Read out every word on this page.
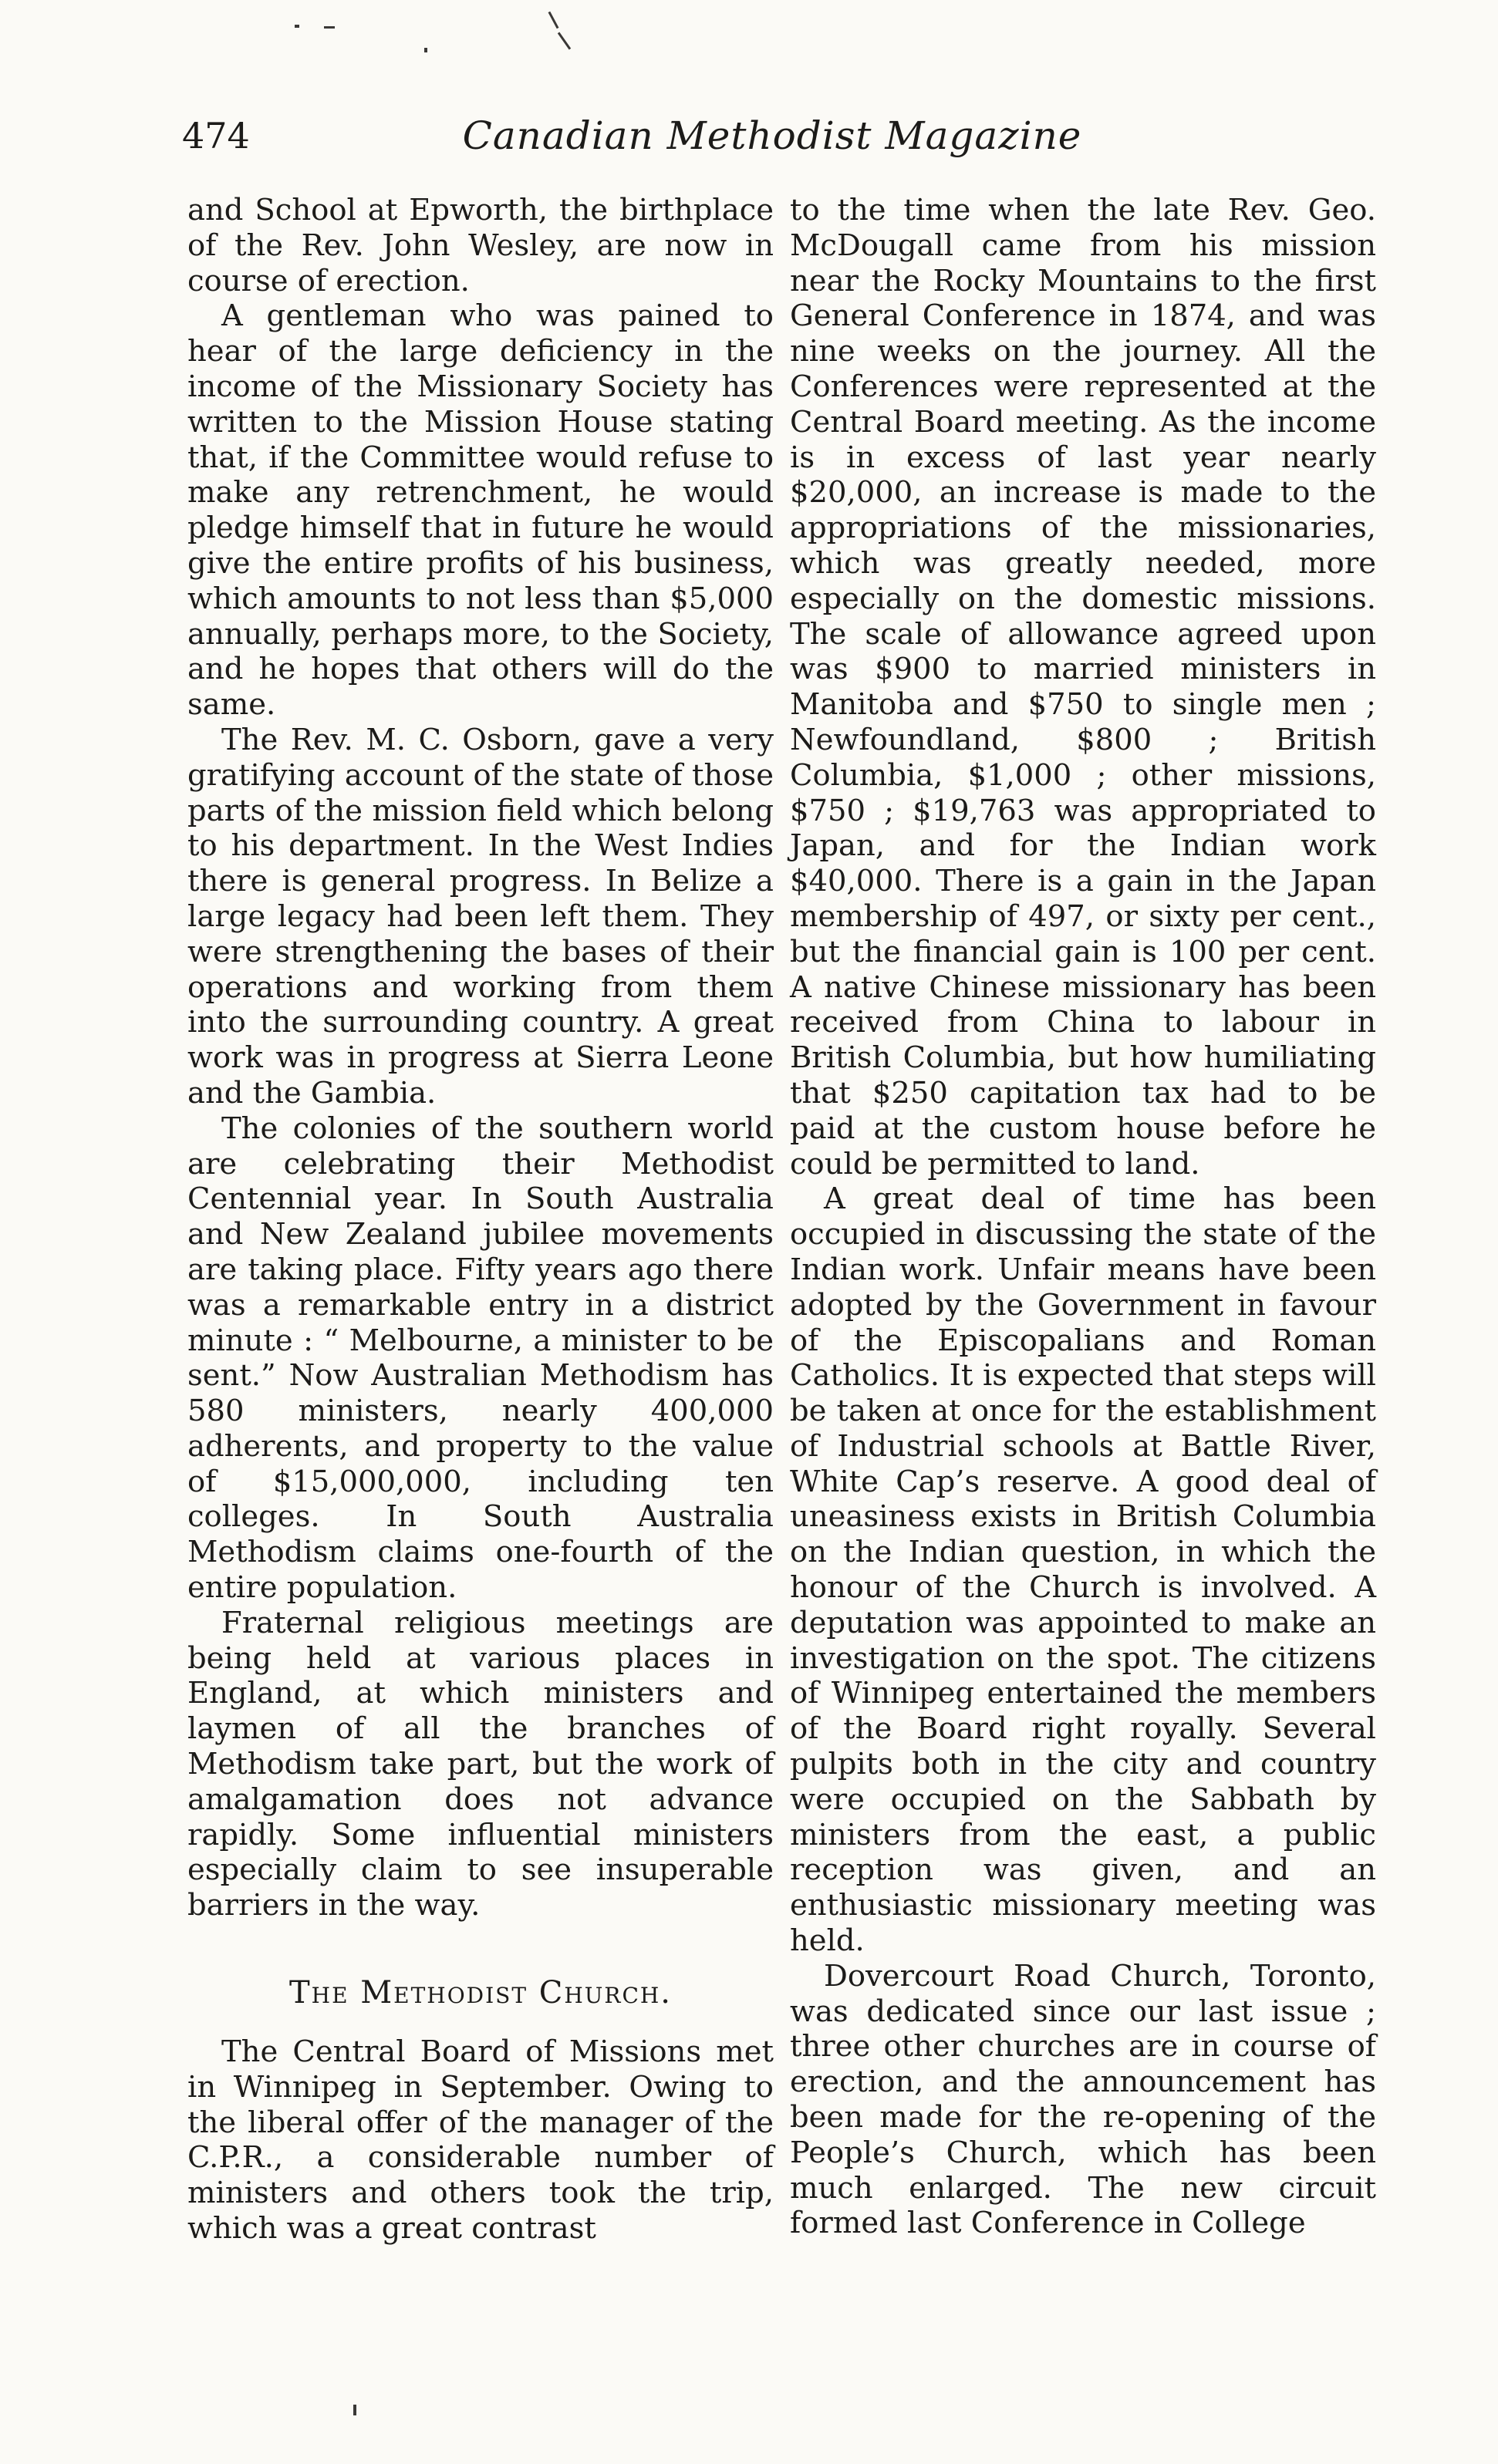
474	Canadian Methodist Magazine

and School at Epworth, the birthplace of the Rev. John Wesley, are now in course of erection.

A gentleman who was pained to hear of the large deficiency in the income of the Missionary Society has written to the Mission House stating that, if the Committee would refuse to make any retrenchment, he would pledge himself that in future he would give the entire profits of his business, which amounts to not less than $5,000 annually, perhaps more, to the Society, and he hopes that others will do the same.

The Rev. M. C. Osborn, gave a very gratifying account of the state of those parts of the mission field which belong to his department. In the West Indies there is general progress. In Belize a large legacy had been left them. They were strengthening the bases of their operations and working from them into the surrounding country. A great work was in progress at Sierra Leone and the Gambia.

The colonies of the southern world are celebrating their Methodist Centennial year. In South Australia and New Zealand jubilee movements are taking place. Fifty years ago there was a remarkable entry in a district minute : “ Melbourne, a minister to be sent.” Now Australian Methodism has 580 ministers, nearly 400,000 adherents, and property to the value of $15,000,000, including ten colleges. In South Australia Methodism claims one-fourth of the entire population.

Fraternal religious meetings are being held at various places in England, at which ministers and laymen of all the branches of Methodism take part, but the work of amalgamation does not advance rapidly. Some influential ministers especially claim to see insuperable barriers in the way.

The Methodist Church.

The Central Board of Missions met in Winnipeg in September. Owing to the liberal offer of the manager of the C.P.R., a considerable number of ministers and others took the trip, which was a great contrast

to the time when the late Rev. Geo. McDougall came from his mission near the Rocky Mountains to the first General Conference in 1874, and was nine weeks on the journey. All the Conferences were represented at the Central Board meeting. As the income is in excess of last year nearly $20,000, an increase is made to the appropriations of the missionaries, which was greatly needed, more especially on the domestic missions. The scale of allowance agreed upon was $900 to married ministers in Manitoba and $750 to single men ; Newfoundland, $800 ; British Columbia, $1,000 ; other missions, $750 ; $19,763 was appropriated to Japan, and for the Indian work $40,000. There is a gain in the Japan membership of 497, or sixty per cent., but the financial gain is 100 per cent. A native Chinese missionary has been received from China to labour in British Columbia, but how humiliating that $250 capitation tax had to be paid at the custom house before he could be permitted to land.

A great deal of time has been occupied in discussing the state of the Indian work. Unfair means have been adopted by the Government in favour of the Episcopalians and Roman Catholics. It is expected that steps will be taken at once for the establishment of Industrial schools at Battle River, White Cap’s reserve. A good deal of uneasiness exists in British Columbia on the Indian question, in which the honour of the Church is involved. A deputation was appointed to make an investigation on the spot. The citizens of Winnipeg entertained the members of the Board right royally. Several pulpits both in the city and country were occupied on the Sabbath by ministers from the east, a public reception was given, and an enthusiastic missionary meeting was held.

Dovercourt Road Church, Toronto, was dedicated since our last issue ; three other churches are in course of erection, and the announcement has been made for the re-opening of the People’s Church, which has been much enlarged. The new circuit formed last Conference in College
